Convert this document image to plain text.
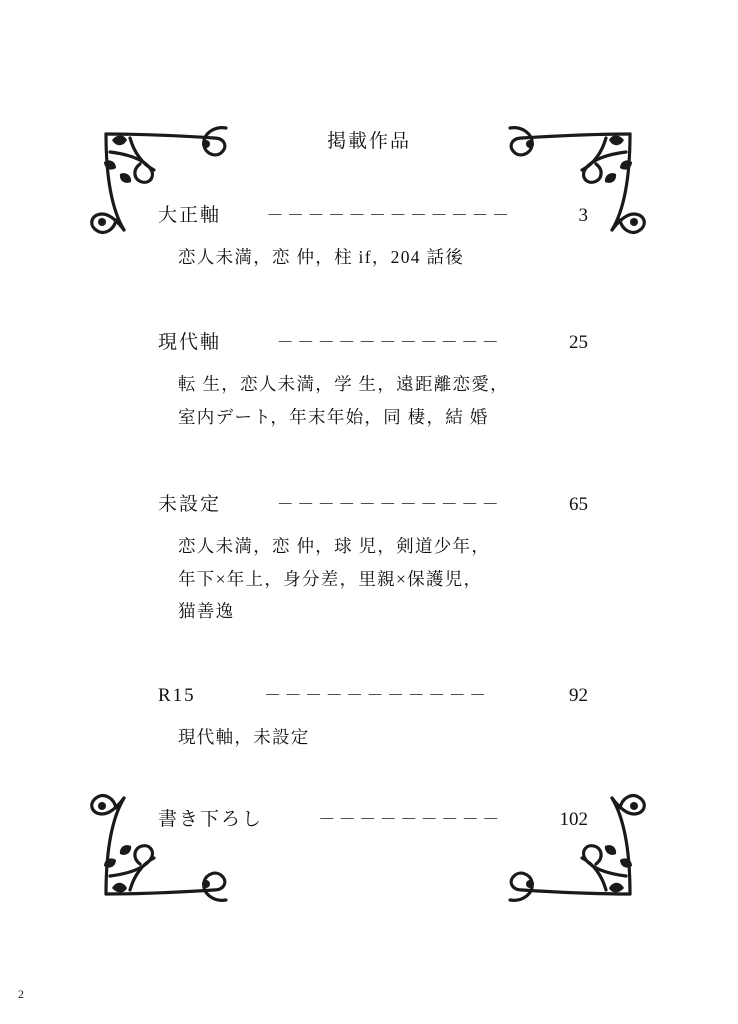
掲載作品
大正軸	－－－－－－－－－－－－	3
恋人未満，恋 仲，柱 if，204 話後
現代軸	－－－－－－－－－－－	25
転 生，恋人未満，学 生，遠距離恋愛，
室内デート，年末年始，同 棲，結 婚
未設定	－－－－－－－－－－－	65
恋人未満，恋 仲，球 児，剣道少年，
年下×年上，身分差，里親×保護児，
猫善逸
R15	－－－－－－－－－－－	92
現代軸，未設定
書き下ろし	－－－－－－－－－	102
2
